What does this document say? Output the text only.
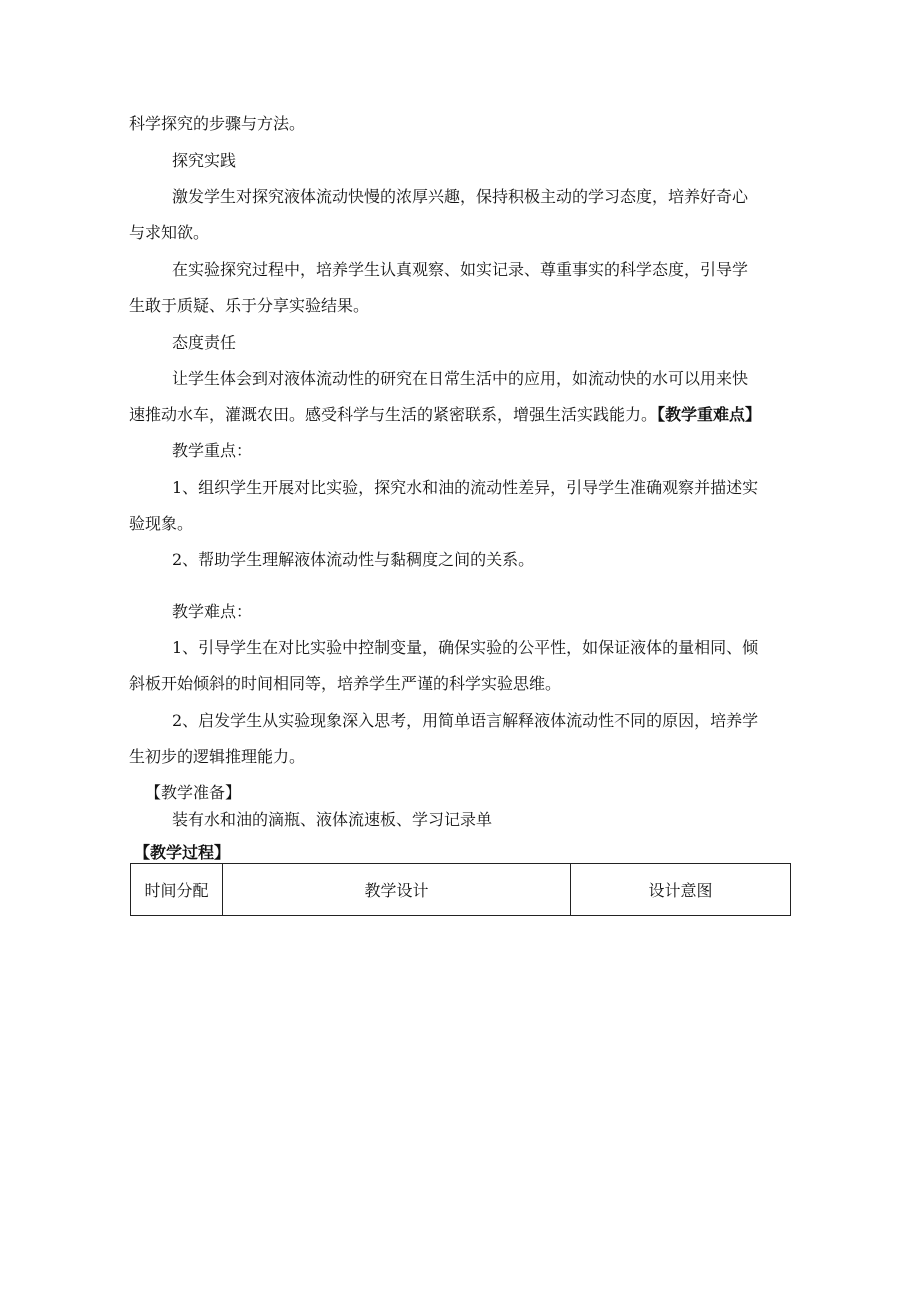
科学探究的步骤与方法。
探究实践
激发学生对探究液体流动快慢的浓厚兴趣，保持积极主动的学习态度，培养好奇心
与求知欲。
在实验探究过程中，培养学生认真观察、如实记录、尊重事实的科学态度，引导学
生敢于质疑、乐于分享实验结果。
态度责任
让学生体会到对液体流动性的研究在日常生活中的应用，如流动快的水可以用来快
速推动水车，灌溉农田。感受科学与生活的紧密联系，增强生活实践能力。【教学重难点】
教学重点：
1、组织学生开展对比实验，探究水和油的流动性差异，引导学生准确观察并描述实
验现象。
2、帮助学生理解液体流动性与黏稠度之间的关系。
教学难点：
1、引导学生在对比实验中控制变量，确保实验的公平性，如保证液体的量相同、倾
斜板开始倾斜的时间相同等，培养学生严谨的科学实验思维。
2、启发学生从实验现象深入思考，用简单语言解释液体流动性不同的原因，培养学
生初步的逻辑推理能力。
【教学准备】
装有水和油的滴瓶、液体流速板、学习记录单
【教学过程】
时间分配	教学设计	设计意图
